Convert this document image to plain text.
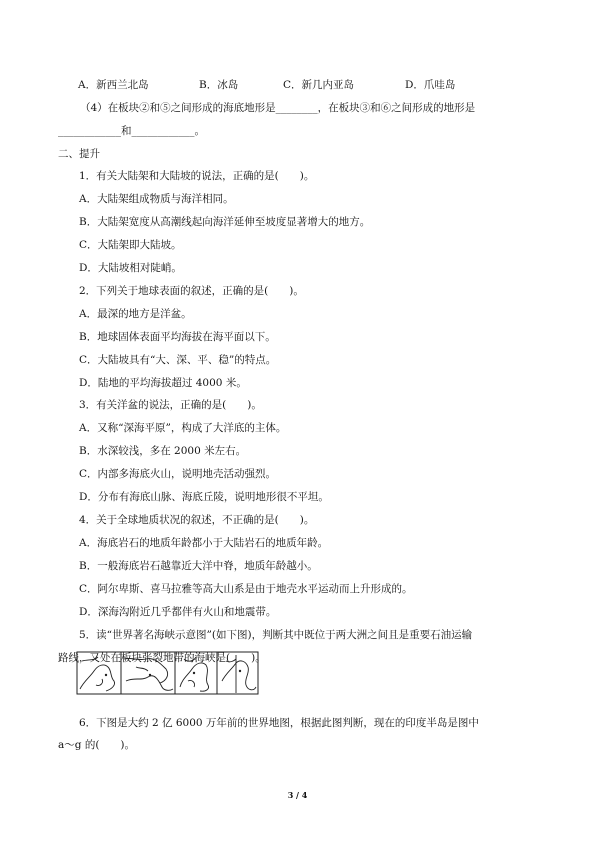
A．新西兰北岛	B．冰岛	C．新几内亚岛	D．爪哇岛
（4）在板块②和⑤之间形成的海底地形是________，在板块③和⑥之间形成的地形是
____________和____________。
二、提升
1．有关大陆架和大陆坡的说法，正确的是(　　)。
A．大陆架组成物质与海洋相同。
B．大陆架宽度从高潮线起向海洋延伸至坡度显著增大的地方。
C．大陆架即大陆坡。
D．大陆坡相对陡峭。
2．下列关于地球表面的叙述，正确的是(　　)。
A．最深的地方是洋盆。
B．地球固体表面平均海拔在海平面以下。
C．大陆坡具有“大、深、平、稳”的特点。
D．陆地的平均海拔超过 4000 米。
3．有关洋盆的说法，正确的是(　　)。
A．又称“深海平原”，构成了大洋底的主体。
B．水深较浅，多在 2000 米左右。
C．内部多海底火山，说明地壳活动强烈。
D．分布有海底山脉、海底丘陵，说明地形很不平坦。
4．关于全球地质状况的叙述，不正确的是(　　)。
A．海底岩石的地质年龄都小于大陆岩石的地质年龄。
B．一般海底岩石越靠近大洋中脊，地质年龄越小。
C．阿尔卑斯、喜马拉雅等高大山系是由于地壳水平运动而上升形成的。
D．深海沟附近几乎都伴有火山和地震带。
5．读“世界著名海峡示意图”(如下图)，判断其中既位于两大洲之间且是重要石油运输
路线，又处在板块张裂地带的海峡是(　　)。
6．下图是大约 2 亿 6000 万年前的世界地图，根据此图判断，现在的印度半岛是图中
a～g 的(　　)。
3 / 4
